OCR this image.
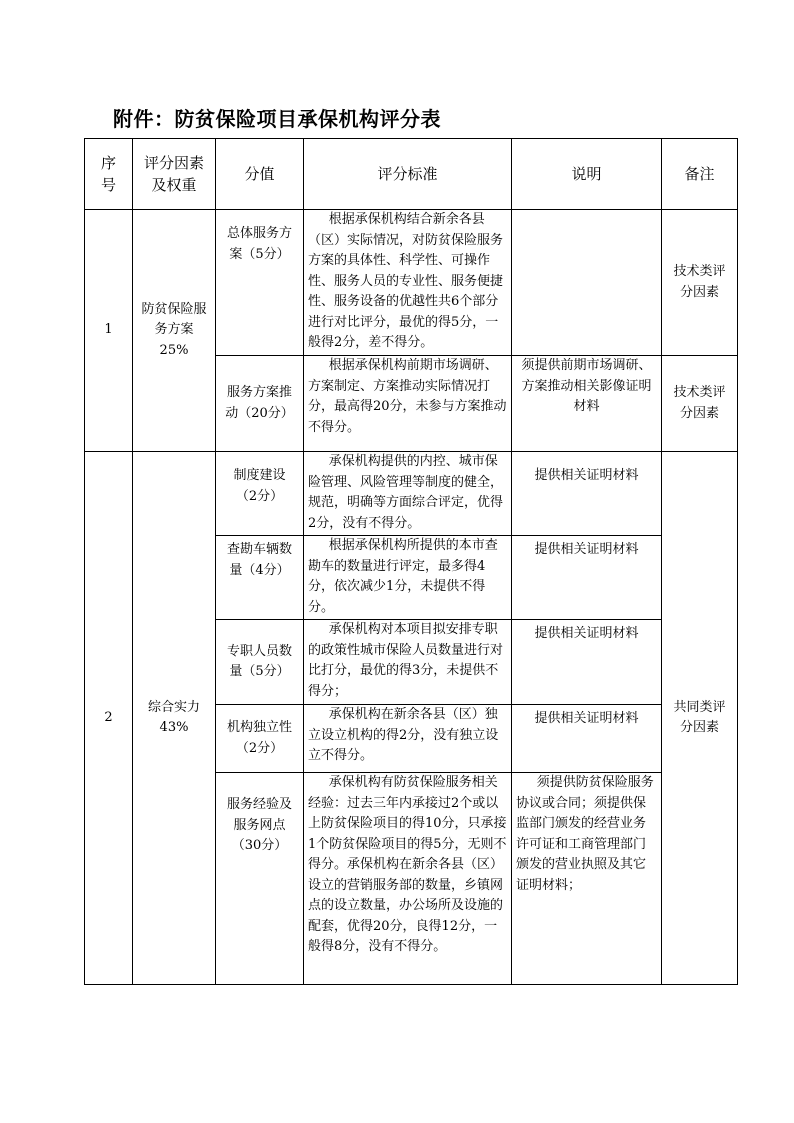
附件：防贫保险项目承保机构评分表
序号	评分因素及权重	分值	评分标准	说明	备注
1	防贫保险服务方案25%	总体服务方案（5分）	根据承保机构结合新余各县（区）实际情况，对防贫保险服务方案的具体性、科学性、可操作性、服务人员的专业性、服务便捷性、服务设备的优越性共6个部分进行对比评分，最优的得5分，一般得2分，差不得分。		技术类评分因素
		服务方案推动（20分）	根据承保机构前期市场调研、方案制定、方案推动实际情况打分，最高得20分，未参与方案推动不得分。	须提供前期市场调研、方案推动相关影像证明材料	技术类评分因素
2	综合实力43%	制度建设（2分）	承保机构提供的内控、城市保险管理、风险管理等制度的健全，规范，明确等方面综合评定，优得2分，没有不得分。	提供相关证明材料	共同类评分因素
		查勘车辆数量（4分）	根据承保机构所提供的本市查勘车的数量进行评定，最多得4分，依次减少1分，未提供不得分。	提供相关证明材料	
		专职人员数量（5分）	承保机构对本项目拟安排专职的政策性城市保险人员数量进行对比打分，最优的得3分，未提供不得分；	提供相关证明材料	
		机构独立性（2分）	承保机构在新余各县（区）独立设立机构的得2分，没有独立设立不得分。	提供相关证明材料	
		服务经验及服务网点（30分）	承保机构有防贫保险服务相关经验：过去三年内承接过2个或以上防贫保险项目的得10分，只承接1个防贫保险项目的得5分，无则不得分。承保机构在新余各县（区）设立的营销服务部的数量，乡镇网点的设立数量，办公场所及设施的配套，优得20分，良得12分，一般得8分，没有不得分。	须提供防贫保险服务协议或合同；须提供保监部门颁发的经营业务许可证和工商管理部门颁发的营业执照及其它证明材料；	
